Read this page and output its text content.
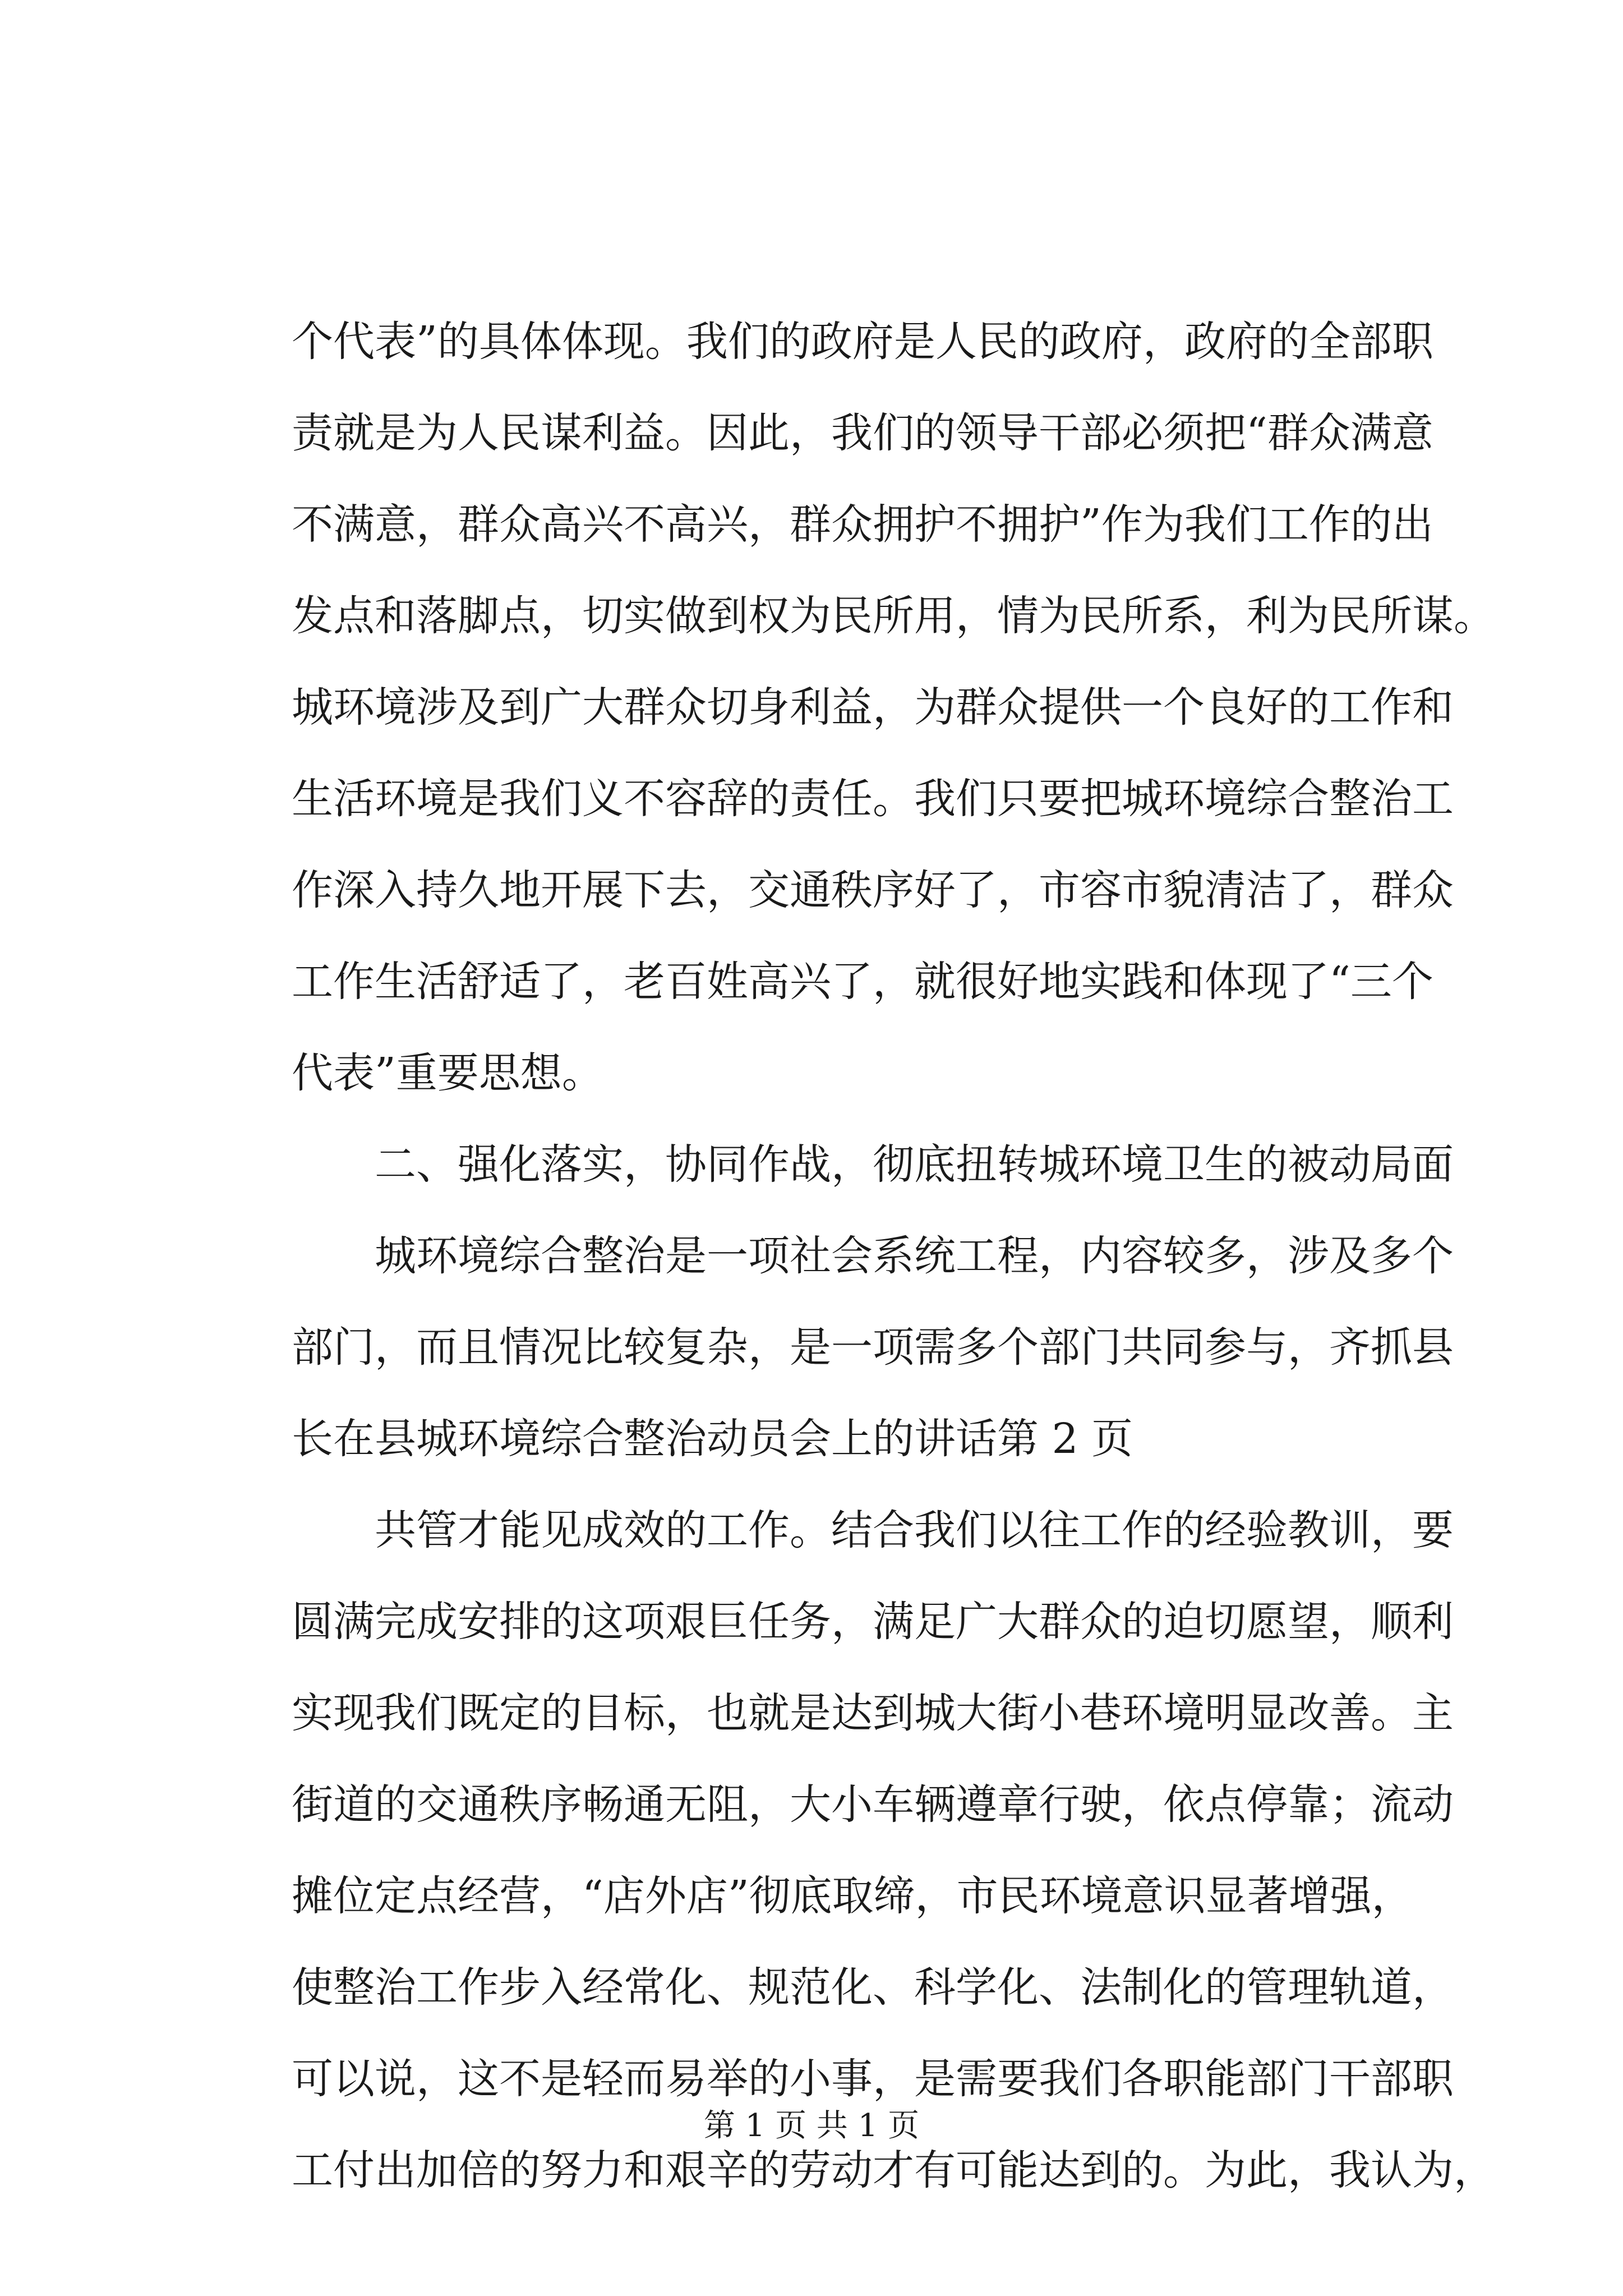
个代表”的具体体现。我们的政府是人民的政府，政府的全部职
责就是为人民谋利益。因此，我们的领导干部必须把“群众满意
不满意，群众高兴不高兴，群众拥护不拥护”作为我们工作的出
发点和落脚点，切实做到权为民所用，情为民所系，利为民所谋。
城环境涉及到广大群众切身利益，为群众提供一个良好的工作和
生活环境是我们义不容辞的责任。我们只要把城环境综合整治工
作深入持久地开展下去，交通秩序好了，市容市貌清洁了，群众
工作生活舒适了，老百姓高兴了，就很好地实践和体现了“三个
代表”重要思想。
二、强化落实，协同作战，彻底扭转城环境卫生的被动局面
城环境综合整治是一项社会系统工程，内容较多，涉及多个
部门，而且情况比较复杂，是一项需多个部门共同参与，齐抓县
长在县城环境综合整治动员会上的讲话第 2 页
共管才能见成效的工作。结合我们以往工作的经验教训，要
圆满完成安排的这项艰巨任务，满足广大群众的迫切愿望，顺利
实现我们既定的目标，也就是达到城大街小巷环境明显改善。主
街道的交通秩序畅通无阻，大小车辆遵章行驶，依点停靠；流动
摊位定点经营，“店外店”彻底取缔，市民环境意识显著增强，
使整治工作步入经常化、规范化、科学化、法制化的管理轨道，
可以说，这不是轻而易举的小事，是需要我们各职能部门干部职
工付出加倍的努力和艰辛的劳动才有可能达到的。为此，我认为，
第 1 页 共 1 页
